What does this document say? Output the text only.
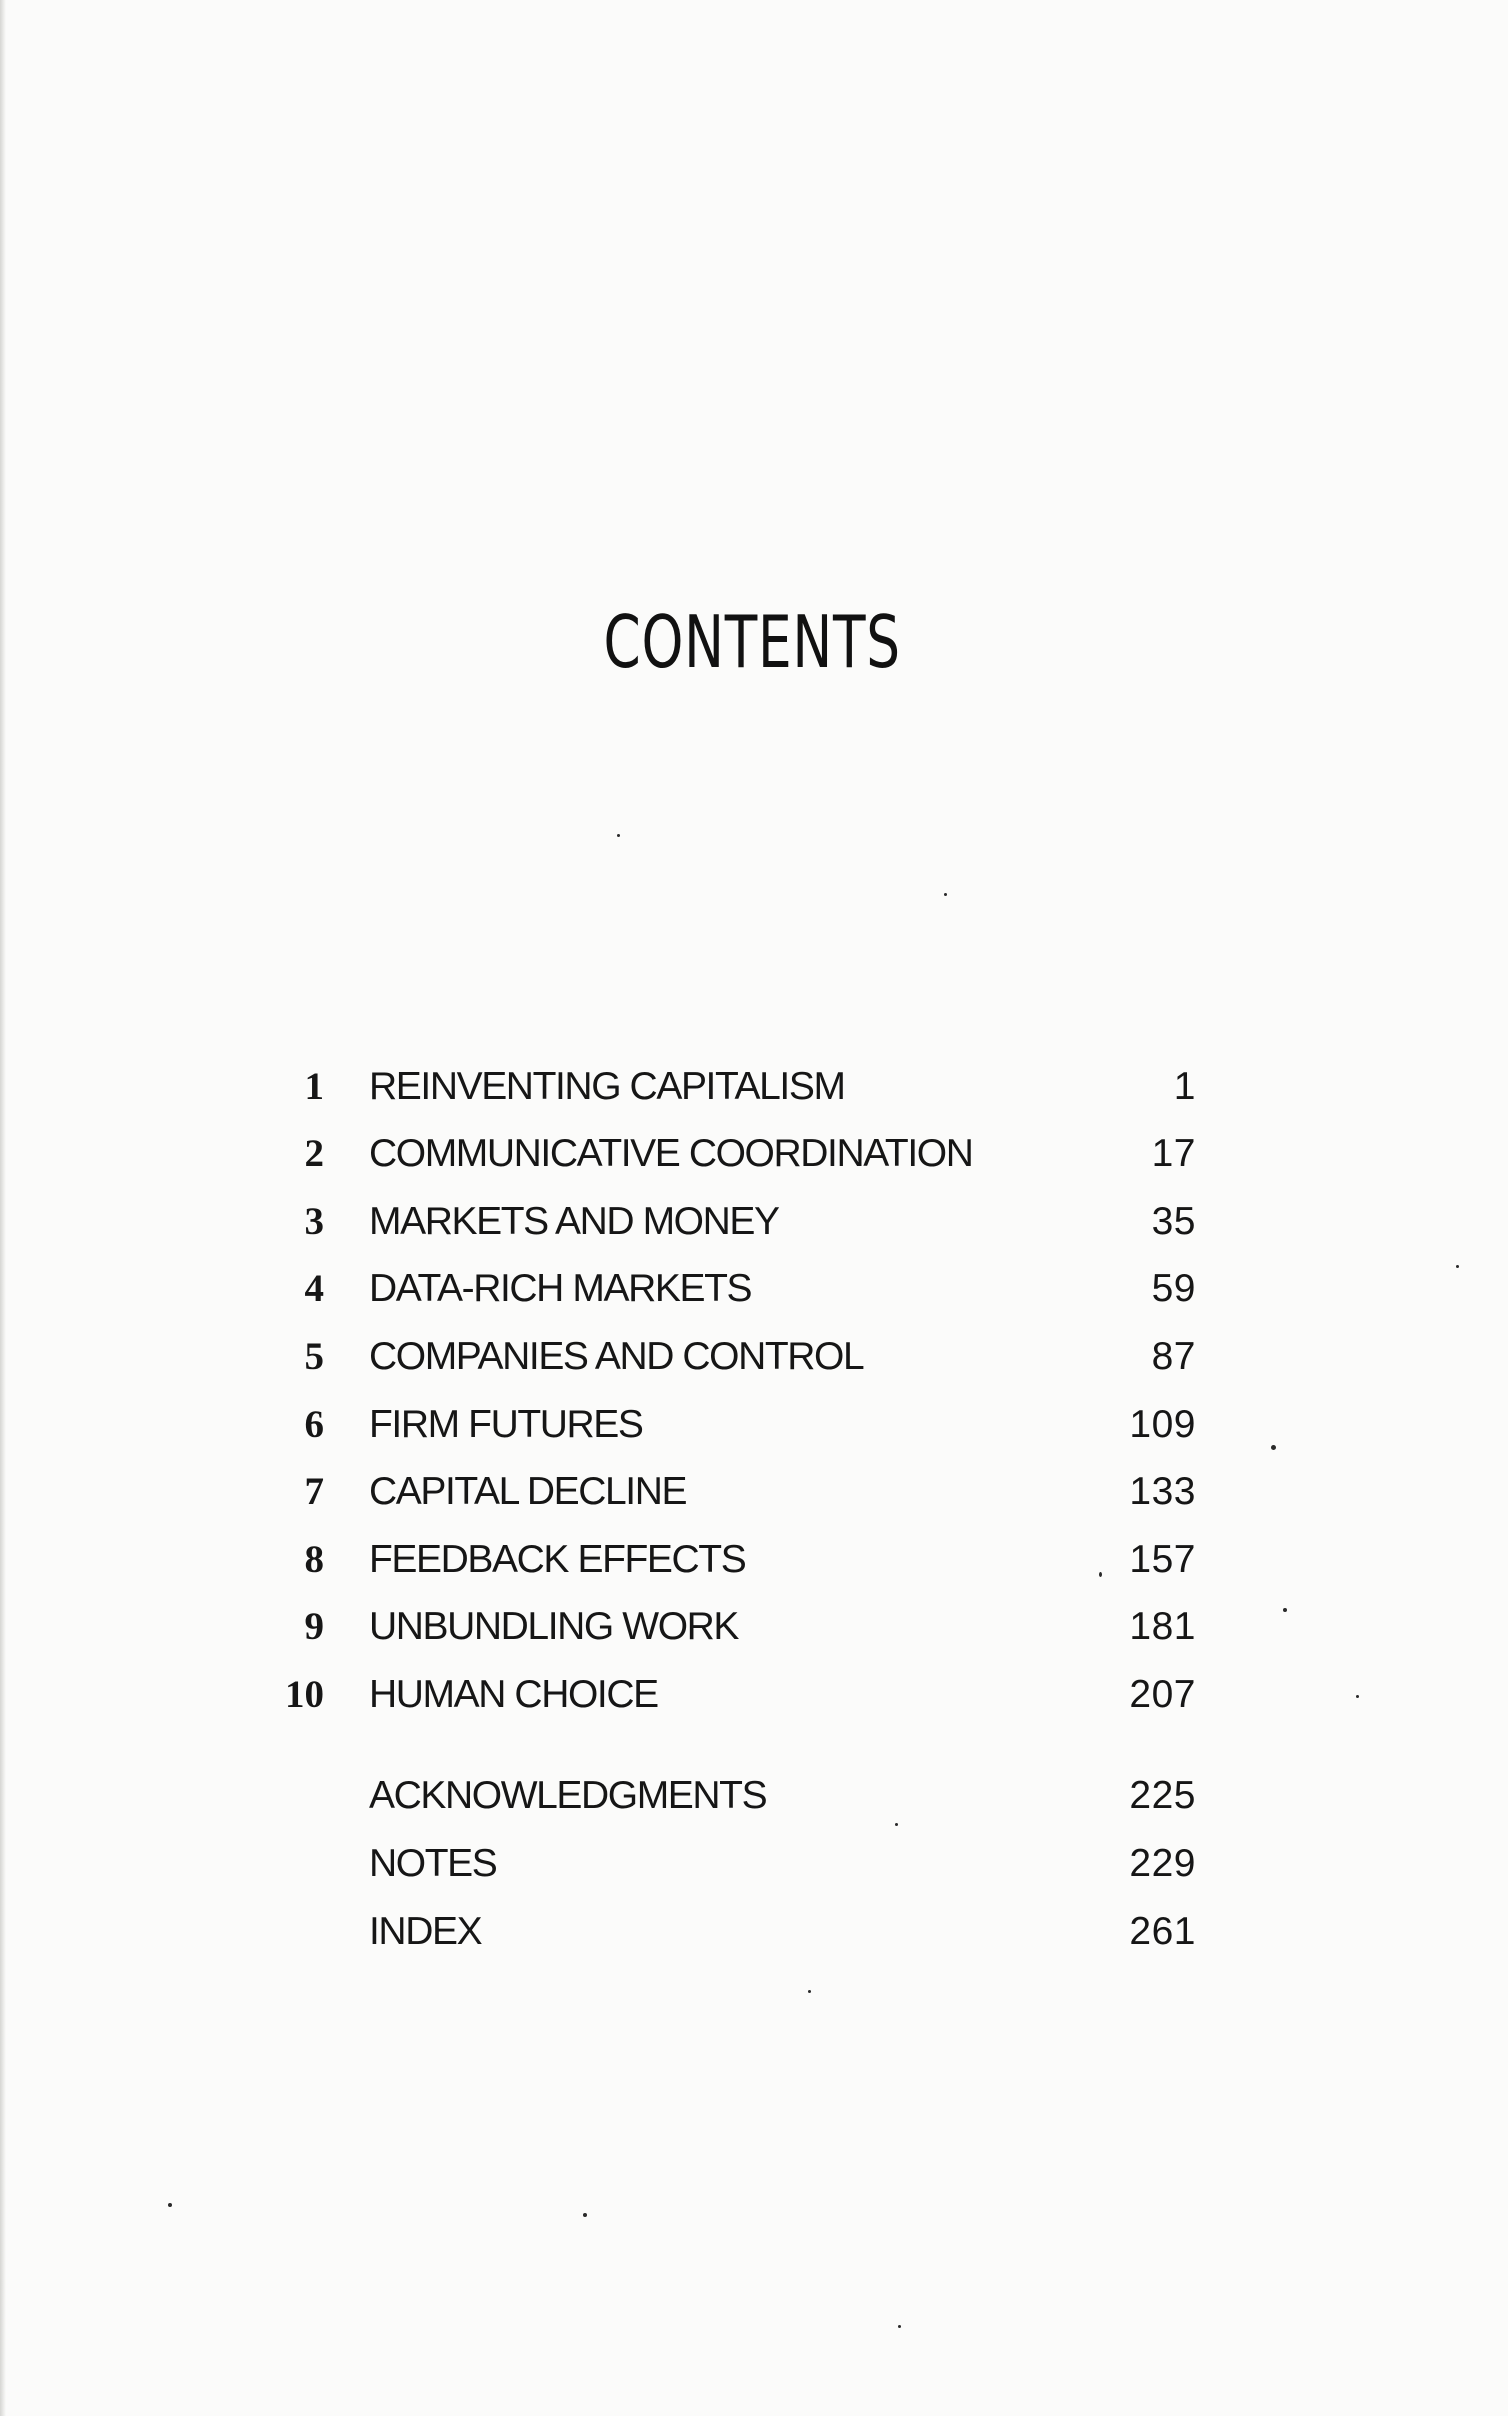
CONTENTS
1 REINVENTING CAPITALISM	1
2 COMMUNICATIVE COORDINATION	17
3 MARKETS AND MONEY	35
4 DATA-RICH MARKETS	59
5 COMPANIES AND CONTROL	87
6 FIRM FUTURES	109
7 CAPITAL DECLINE	133
8 FEEDBACK EFFECTS	157
9 UNBUNDLING WORK	181
10 HUMAN CHOICE	207
ACKNOWLEDGMENTS	225
NOTES	229
INDEX	261
